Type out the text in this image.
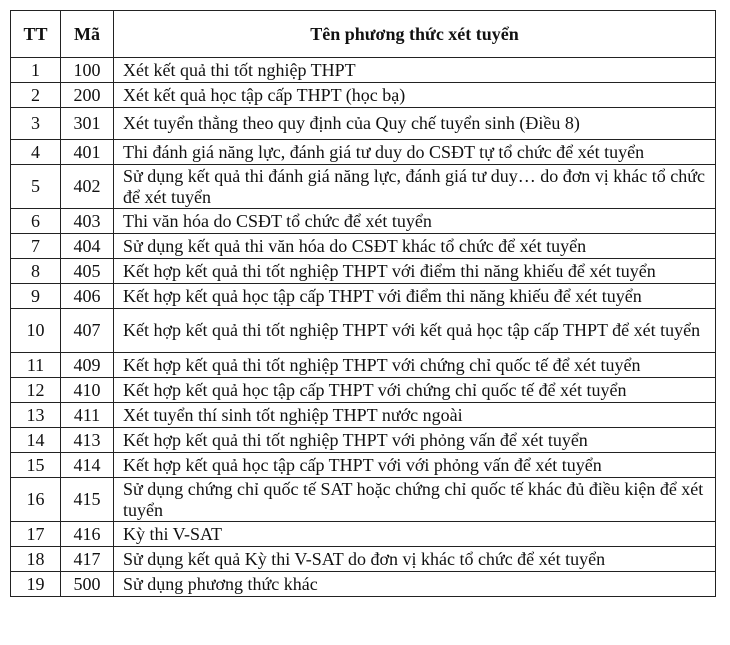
TT	Mã	Tên phương thức xét tuyển
1	100	Xét kết quả thi tốt nghiệp THPT
2	200	Xét kết quả học tập cấp THPT (học bạ)
3	301	Xét tuyển thẳng theo quy định của Quy chế tuyển sinh (Điều 8)
4	401	Thi đánh giá năng lực, đánh giá tư duy do CSĐT tự tổ chức để xét tuyển
5	402	Sử dụng kết quả thi đánh giá năng lực, đánh giá tư duy… do đơn vị khác tổ chức để xét tuyển
6	403	Thi văn hóa do CSĐT tổ chức để xét tuyển
7	404	Sử dụng kết quả thi văn hóa do CSĐT khác tổ chức để xét tuyển
8	405	Kết hợp kết quả thi tốt nghiệp THPT với điểm thi năng khiếu để xét tuyển
9	406	Kết hợp kết quả học tập cấp THPT với điểm thi năng khiếu để xét tuyển
10	407	Kết hợp kết quả thi tốt nghiệp THPT với kết quả học tập cấp THPT để xét tuyển
11	409	Kết hợp kết quả thi tốt nghiệp THPT với chứng chỉ quốc tế để xét tuyển
12	410	Kết hợp kết quả học tập cấp THPT với chứng chỉ quốc tế để xét tuyển
13	411	Xét tuyển thí sinh tốt nghiệp THPT nước ngoài
14	413	Kết hợp kết quả thi tốt nghiệp THPT với phỏng vấn để xét tuyển
15	414	Kết hợp kết quả học tập cấp THPT với với phỏng vấn để xét tuyển
16	415	Sử dụng chứng chỉ quốc tế SAT hoặc chứng chỉ quốc tế khác đủ điều kiện để xét tuyển
17	416	Kỳ thi V-SAT
18	417	Sử dụng kết quả Kỳ thi V-SAT do đơn vị khác tổ chức để xét tuyển
19	500	Sử dụng phương thức khác
